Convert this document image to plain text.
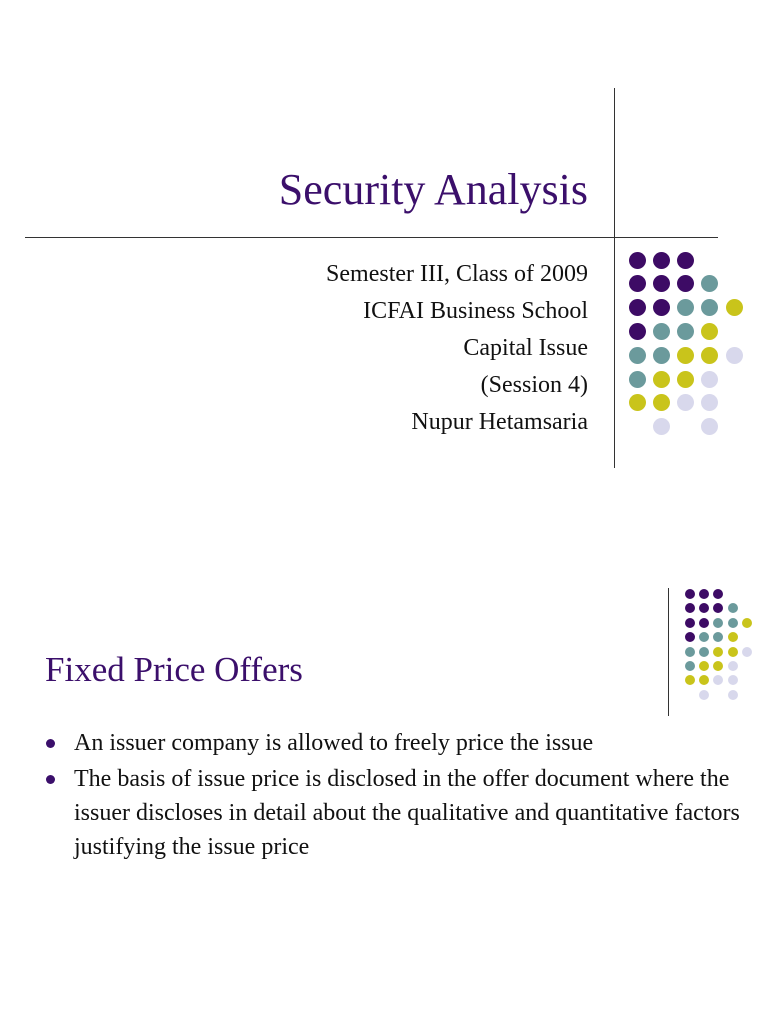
Security Analysis
Semester III, Class of 2009
ICFAI Business School
Capital Issue
(Session 4)
Nupur Hetamsaria
Fixed Price Offers
An issuer company is allowed to freely price the issue
The basis of issue price is disclosed in the offer document where the issuer discloses in detail about the qualitative and quantitative factors justifying the issue price
